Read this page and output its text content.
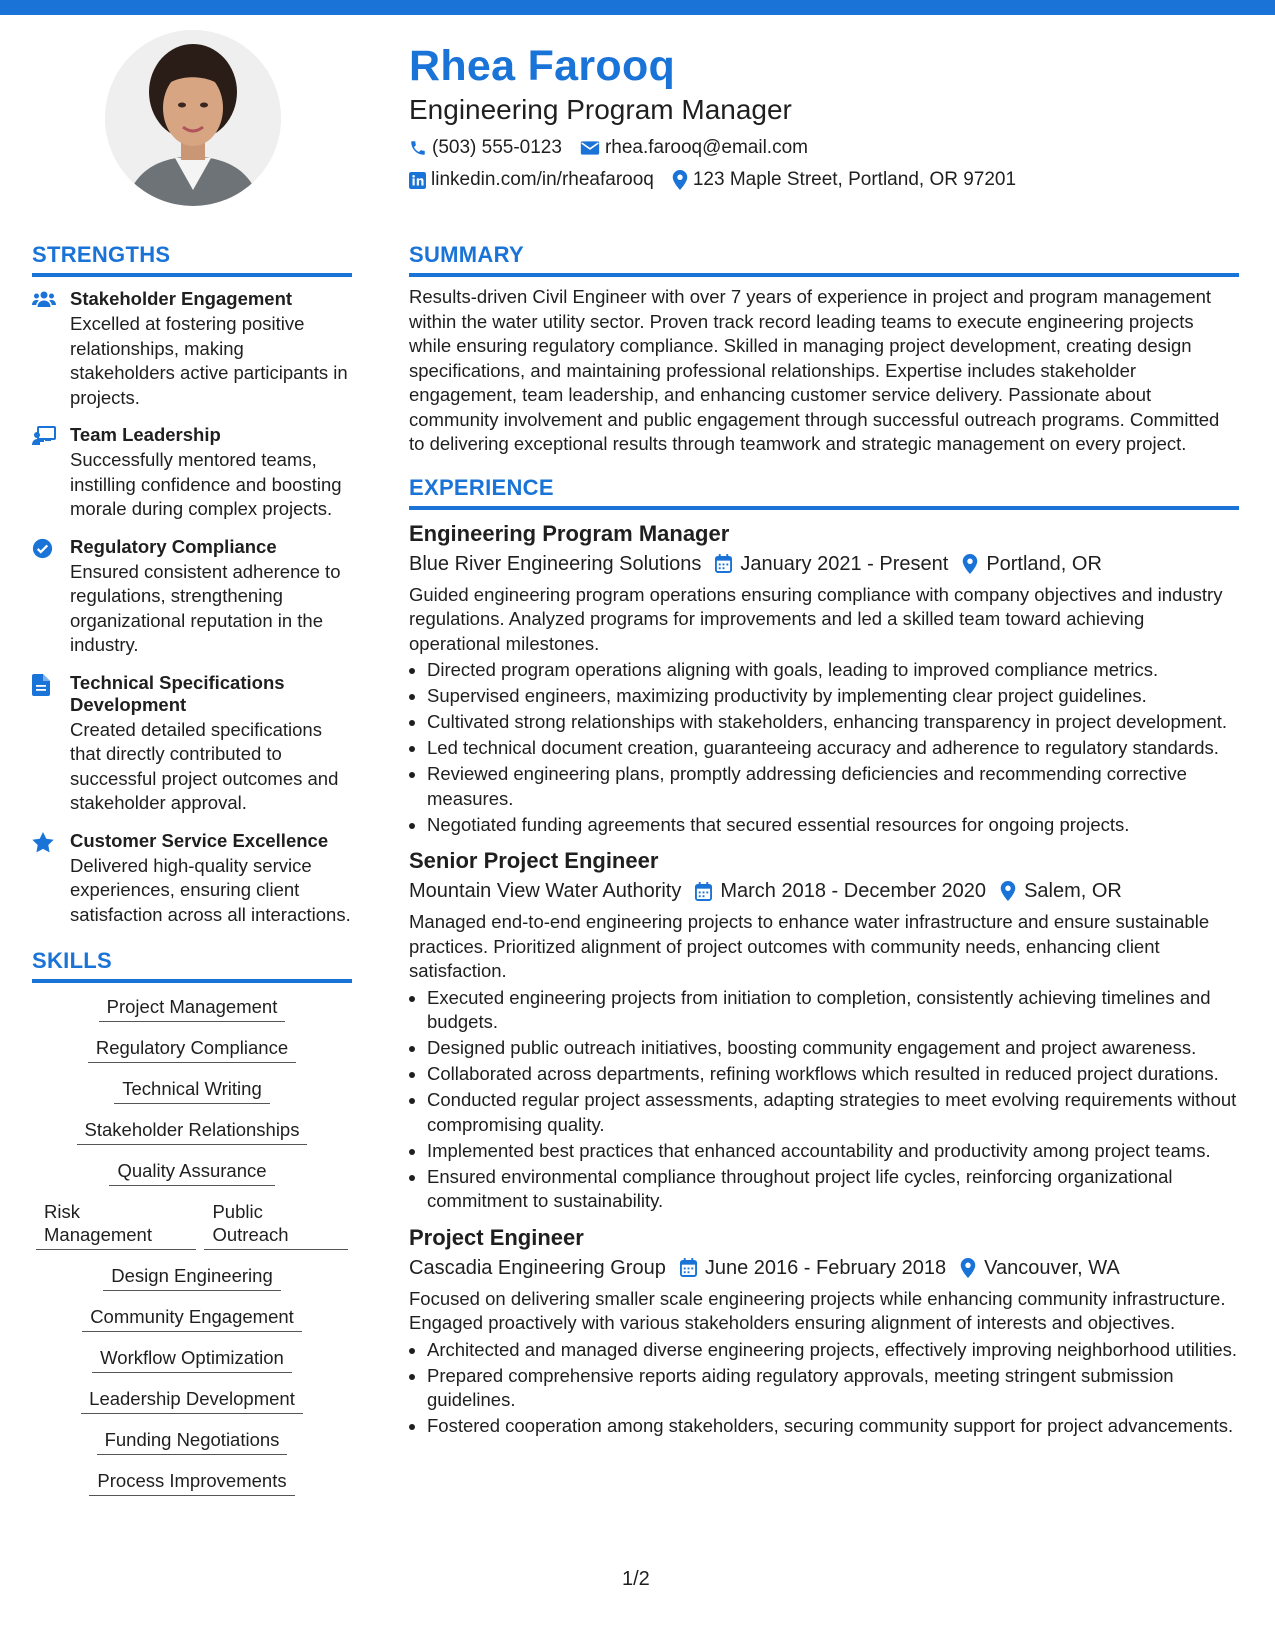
Rhea Farooq
Engineering Program Manager
(503) 555-0123 rhea.farooq@email.com
linkedin.com/in/rheafarooq 123 Maple Street, Portland, OR 97201
STRENGTHS
Stakeholder Engagement
Excelled at fostering positive relationships, making stakeholders active participants in projects.
Team Leadership
Successfully mentored teams, instilling confidence and boosting morale during complex projects.
Regulatory Compliance
Ensured consistent adherence to regulations, strengthening organizational reputation in the industry.
Technical Specifications Development
Created detailed specifications that directly contributed to successful project outcomes and stakeholder approval.
Customer Service Excellence
Delivered high-quality service experiences, ensuring client satisfaction across all interactions.
SKILLS
Project Management
Regulatory Compliance
Technical Writing
Stakeholder Relationships
Quality Assurance
Risk Management
Public Outreach
Design Engineering
Community Engagement
Workflow Optimization
Leadership Development
Funding Negotiations
Process Improvements
SUMMARY
Results-driven Civil Engineer with over 7 years of experience in project and program management within the water utility sector. Proven track record leading teams to execute engineering projects while ensuring regulatory compliance. Skilled in managing project development, creating design specifications, and maintaining professional relationships. Expertise includes stakeholder engagement, team leadership, and enhancing customer service delivery. Passionate about community involvement and public engagement through successful outreach programs. Committed to delivering exceptional results through teamwork and strategic management on every project.
EXPERIENCE
Engineering Program Manager
Blue River Engineering Solutions January 2021 - Present Portland, OR
Guided engineering program operations ensuring compliance with company objectives and industry regulations. Analyzed programs for improvements and led a skilled team toward achieving operational milestones.
• Directed program operations aligning with goals, leading to improved compliance metrics.
• Supervised engineers, maximizing productivity by implementing clear project guidelines.
• Cultivated strong relationships with stakeholders, enhancing transparency in project development.
• Led technical document creation, guaranteeing accuracy and adherence to regulatory standards.
• Reviewed engineering plans, promptly addressing deficiencies and recommending corrective measures.
• Negotiated funding agreements that secured essential resources for ongoing projects.
Senior Project Engineer
Mountain View Water Authority March 2018 - December 2020 Salem, OR
Managed end-to-end engineering projects to enhance water infrastructure and ensure sustainable practices. Prioritized alignment of project outcomes with community needs, enhancing client satisfaction.
• Executed engineering projects from initiation to completion, consistently achieving timelines and budgets.
• Designed public outreach initiatives, boosting community engagement and project awareness.
• Collaborated across departments, refining workflows which resulted in reduced project durations.
• Conducted regular project assessments, adapting strategies to meet evolving requirements without compromising quality.
• Implemented best practices that enhanced accountability and productivity among project teams.
• Ensured environmental compliance throughout project life cycles, reinforcing organizational commitment to sustainability.
Project Engineer
Cascadia Engineering Group June 2016 - February 2018 Vancouver, WA
Focused on delivering smaller scale engineering projects while enhancing community infrastructure. Engaged proactively with various stakeholders ensuring alignment of interests and objectives.
• Architected and managed diverse engineering projects, effectively improving neighborhood utilities.
• Prepared comprehensive reports aiding regulatory approvals, meeting stringent submission guidelines.
• Fostered cooperation among stakeholders, securing community support for project advancements.
1/2
